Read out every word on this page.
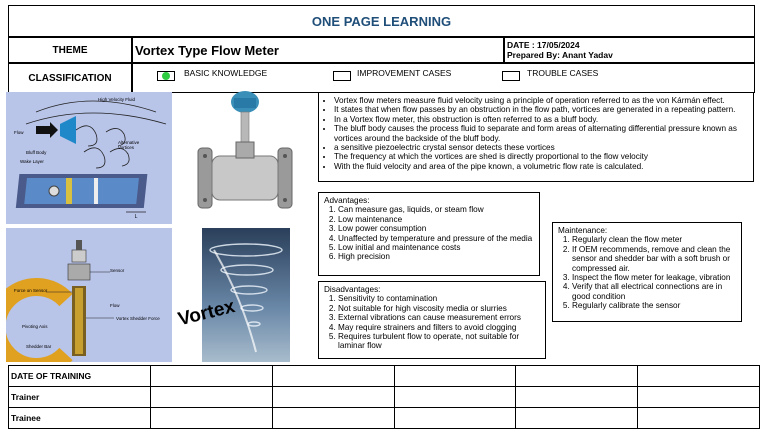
ONE PAGE LEARNING
THEME	Vortex Type Flow Meter	DATE : 17/05/2024
Prepared By: Anant Yadav
CLASSIFICATION	BASIC KNOWLEDGE	IMPROVEMENT CASES	TROUBLE CASES
L
High Velocity Fluid
Flow
Bluff Body
Wake Layer
Alternative Vortices
Sensor
Force on Sensor
Flow
Vortex Shedder Force
Pivoting Axis
Shedder Bar
Vortex
• Vortex flow meters measure fluid velocity using a principle of operation referred to as the von Kármán effect.
• It states that when flow passes by an obstruction in the flow path, vortices are generated in a repeating pattern.
• In a Vortex flow meter, this obstruction is often referred to as a bluff body.
• The bluff body causes the process fluid to separate and form areas of alternating differential pressure known as vortices around the backside of the bluff body.
• a sensitive piezoelectric crystal sensor detects these vortices
• The frequency at which the vortices are shed is directly proportional to the flow velocity
• With the fluid velocity and area of the pipe known, a volumetric flow rate is calculated.
Advantages:
1. Can measure gas, liquids, or steam flow
2. Low maintenance
3. Low power consumption
4. Unaffected by temperature and pressure of the media
5. Low initial and maintenance costs
6. High precision
Disadvantages:
1. Sensitivity to contamination
2. Not suitable for high viscosity media or slurries
3. External vibrations can cause measurement errors
4. May require strainers and filters to avoid clogging
5. Requires turbulent flow to operate, not suitable for laminar flow
Maintenance:
1. Regularly clean the flow meter
2. If OEM recommends, remove and clean the sensor and shedder bar with a soft brush or compressed air.
3. Inspect the flow meter for leakage, vibration
4. Verify that all electrical connections are in good condition
5. Regularly calibrate the sensor
DATE OF TRAINING					
Trainer					
Trainee					
